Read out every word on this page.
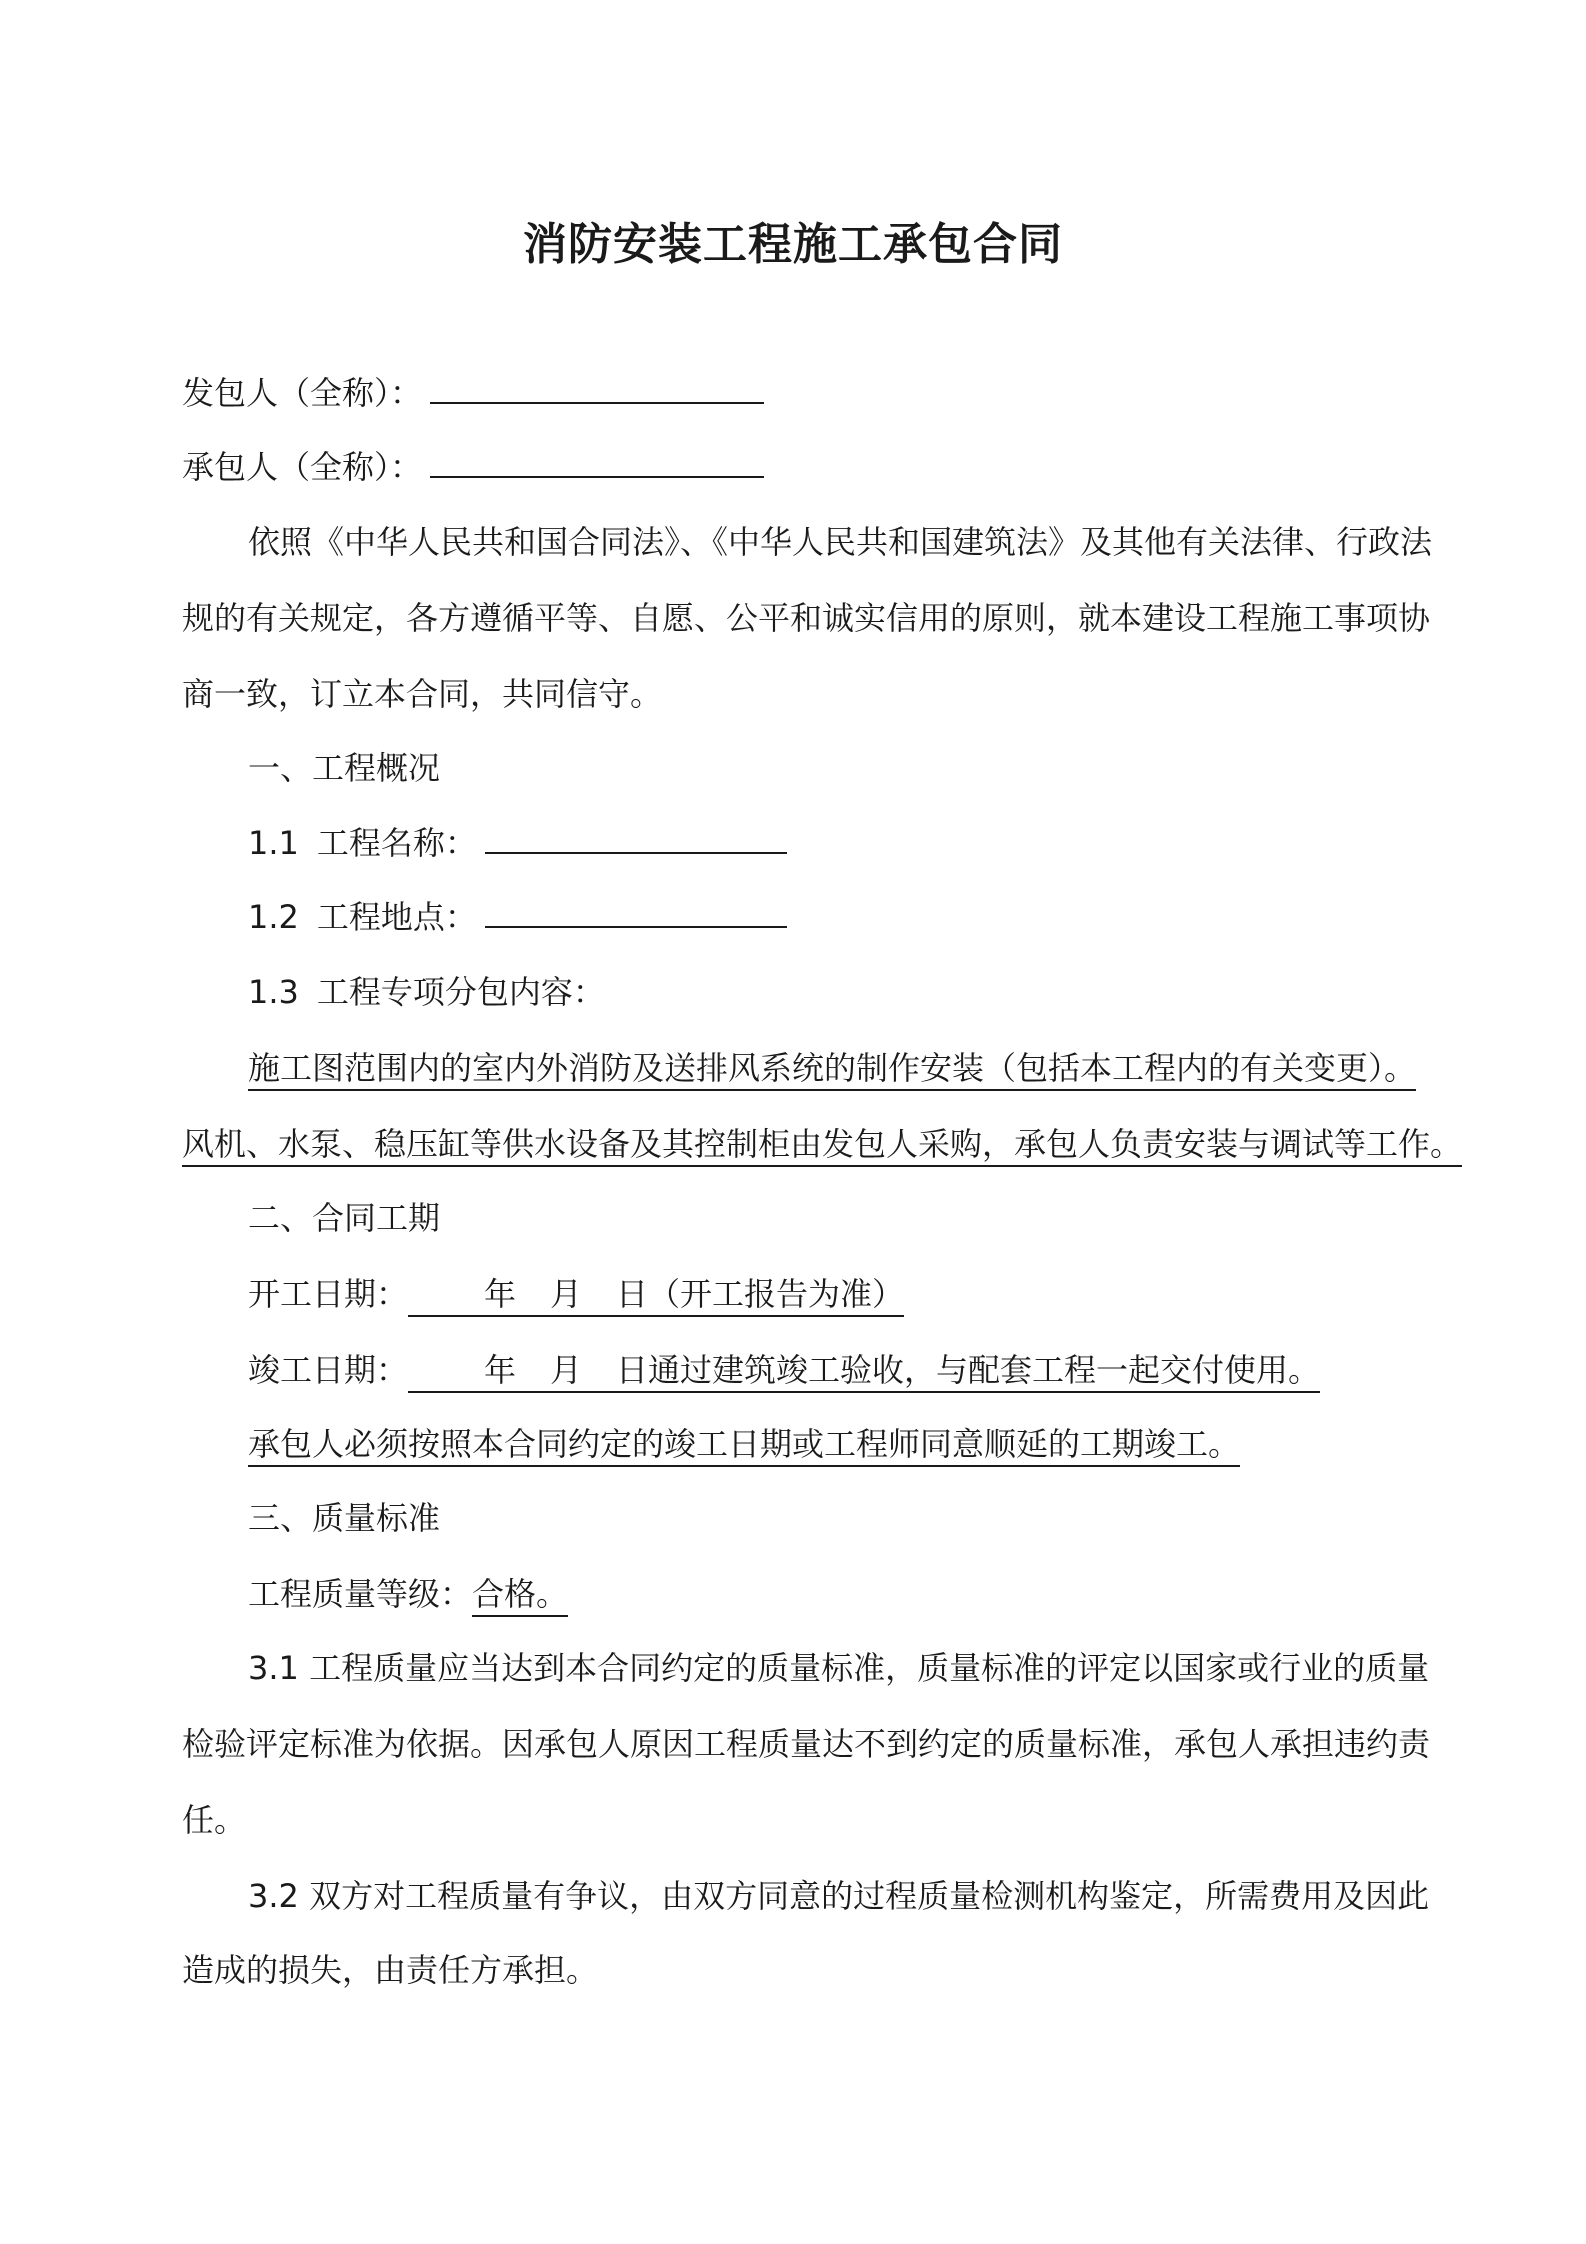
消防安装工程施工承包合同
发包人（全称）：
承包人（全称）：
依照《中华人民共和国合同法》、《中华人民共和国建筑法》及其他有关法律、行政法
规的有关规定，各方遵循平等、自愿、公平和诚实信用的原则，就本建设工程施工事项协
商一致，订立本合同，共同信守。
一、工程概况
1.1 工程名称：
1.2 工程地点：
1.3 工程专项分包内容：
施工图范围内的室内外消防及送排风系统的制作安装（包括本工程内的有关变更）。
风机、水泵、稳压缸等供水设备及其控制柜由发包人采购，承包人负责安装与调试等工作。
二、合同工期
开工日期： 年 月 日（开工报告为准）
竣工日期： 年 月 日通过建筑竣工验收，与配套工程一起交付使用。
承包人必须按照本合同约定的竣工日期或工程师同意顺延的工期竣工。
三、质量标准
工程质量等级：合格。
3.1 工程质量应当达到本合同约定的质量标准，质量标准的评定以国家或行业的质量
检验评定标准为依据。因承包人原因工程质量达不到约定的质量标准，承包人承担违约责
任。
3.2 双方对工程质量有争议，由双方同意的过程质量检测机构鉴定，所需费用及因此
造成的损失，由责任方承担。
